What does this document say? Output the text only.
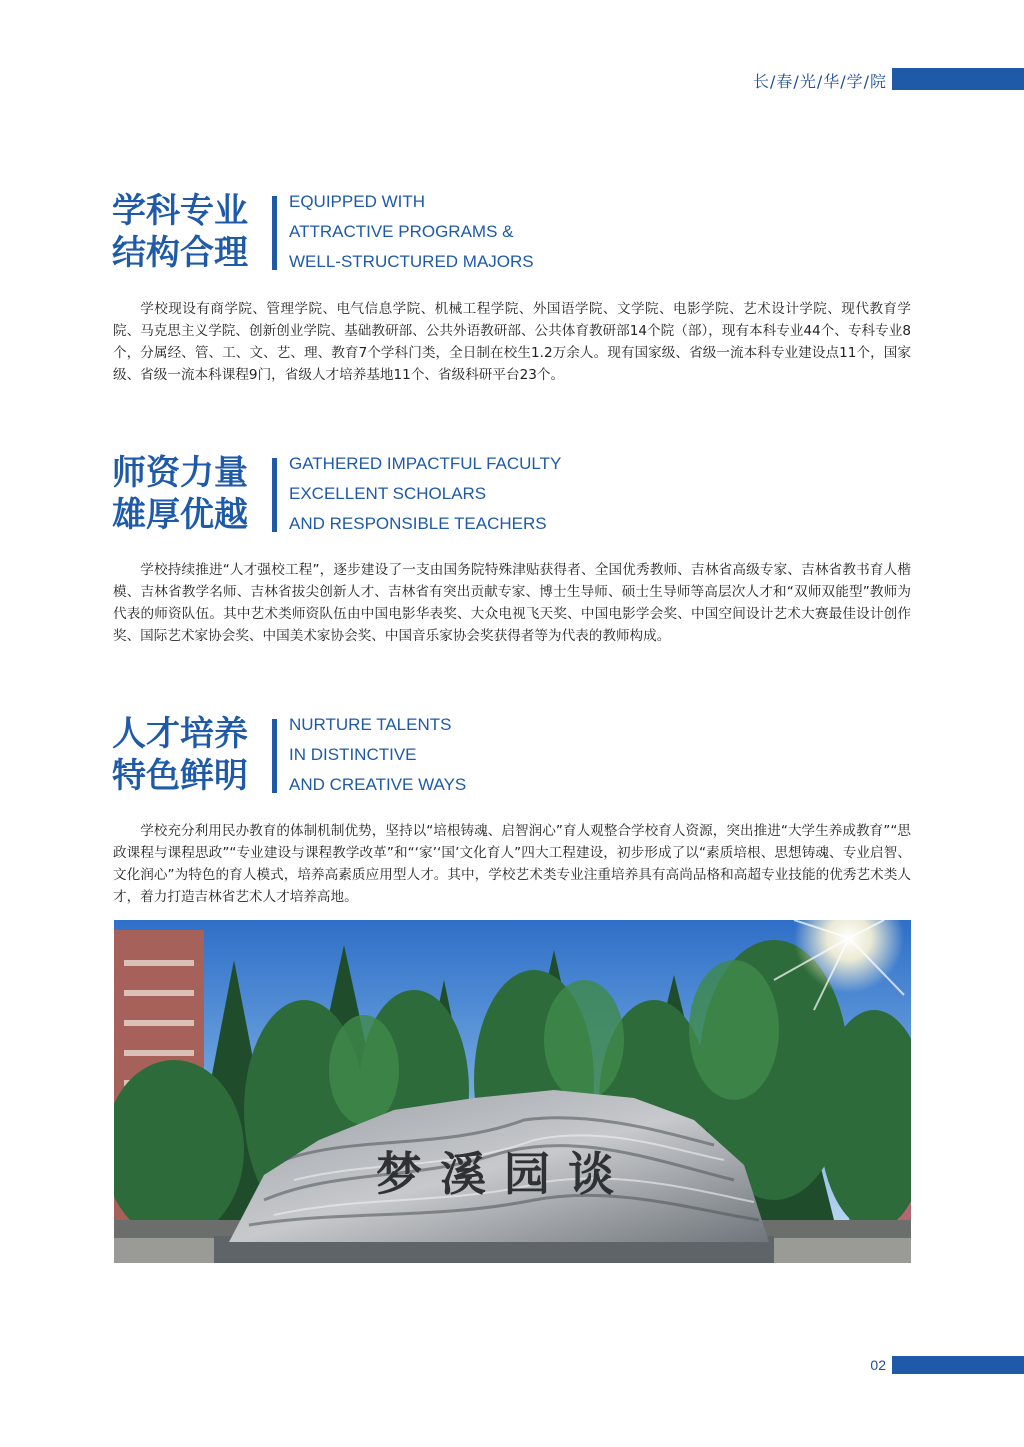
长/春/光/华/学/院
学科专业
结构合理
EQUIPPED WITH
ATTRACTIVE PROGRAMS &
WELL-STRUCTURED MAJORS

学校现设有商学院、管理学院、电气信息学院、机械工程学院、外国语学院、文学院、电影学院、艺术设计学院、现代教育学院、马克思主义学院、创新创业学院、基础教研部、公共外语教研部、公共体育教研部14个院（部），现有本科专业44个、专科专业8个，分属经、管、工、文、艺、理、教育7个学科门类，全日制在校生1.2万余人。现有国家级、省级一流本科专业建设点11个，国家级、省级一流本科课程9门，省级人才培养基地11个、省级科研平台23个。

师资力量
雄厚优越
GATHERED IMPACTFUL FACULTY
EXCELLENT SCHOLARS
AND RESPONSIBLE TEACHERS

学校持续推进“人才强校工程”，逐步建设了一支由国务院特殊津贴获得者、全国优秀教师、吉林省高级专家、吉林省教书育人楷模、吉林省教学名师、吉林省拔尖创新人才、吉林省有突出贡献专家、博士生导师、硕士生导师等高层次人才和“双师双能型”教师为代表的师资队伍。其中艺术类师资队伍由中国电影华表奖、大众电视飞天奖、中国电影学会奖、中国空间设计艺术大赛最佳设计创作奖、国际艺术家协会奖、中国美术家协会奖、中国音乐家协会奖获得者等为代表的教师构成。

人才培养
特色鲜明
NURTURE TALENTS
IN DISTINCTIVE
AND CREATIVE WAYS

学校充分利用民办教育的体制机制优势，坚持以“培根铸魂、启智润心”育人观整合学校育人资源，突出推进“大学生养成教育”“思政课程与课程思政”“专业建设与课程教学改革”和“‘家’‘国’文化育人”四大工程建设，初步形成了以“素质培根、思想铸魂、专业启智、文化润心”为特色的育人模式，培养高素质应用型人才。其中，学校艺术类专业注重培养具有高尚品格和高超专业技能的优秀艺术类人才，着力打造吉林省艺术人才培养高地。

梦溪园谈
02
